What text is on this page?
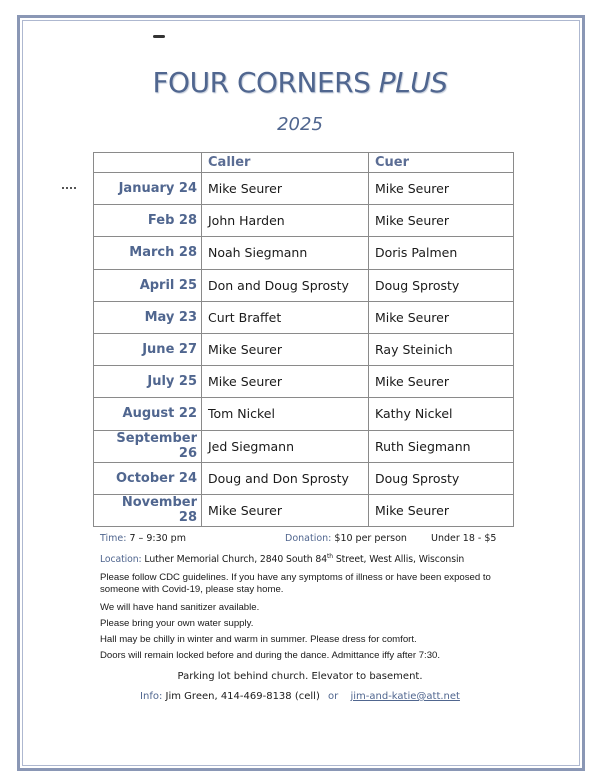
FOUR CORNERS PLUS
2025
	Caller	Cuer
January 24	Mike Seurer	Mike Seurer
Feb 28	John Harden	Mike Seurer
March 28	Noah Siegmann	Doris Palmen
April 25	Don and Doug Sprosty	Doug Sprosty
May 23	Curt Braffet	Mike Seurer
June 27	Mike Seurer	Ray Steinich
July 25	Mike Seurer	Mike Seurer
August 22	Tom Nickel	Kathy Nickel
September 26	Jed Siegmann	Ruth Siegmann
October 24	Doug and Don Sprosty	Doug Sprosty
November 28	Mike Seurer	Mike Seurer
Time: 7 – 9:30 pm	Donation: $10 per person	Under 18 - $5
Location: Luther Memorial Church, 2840 South 84th Street, West Allis, Wisconsin
Please follow CDC guidelines. If you have any symptoms of illness or have been exposed to someone with Covid-19, please stay home.
We will have hand sanitizer available.
Please bring your own water supply.
Hall may be chilly in winter and warm in summer. Please dress for comfort.
Doors will remain locked before and during the dance. Admittance iffy after 7:30.
Parking lot behind church. Elevator to basement.
Info: Jim Green, 414-469-8138 (cell) or jim-and-katie@att.net
